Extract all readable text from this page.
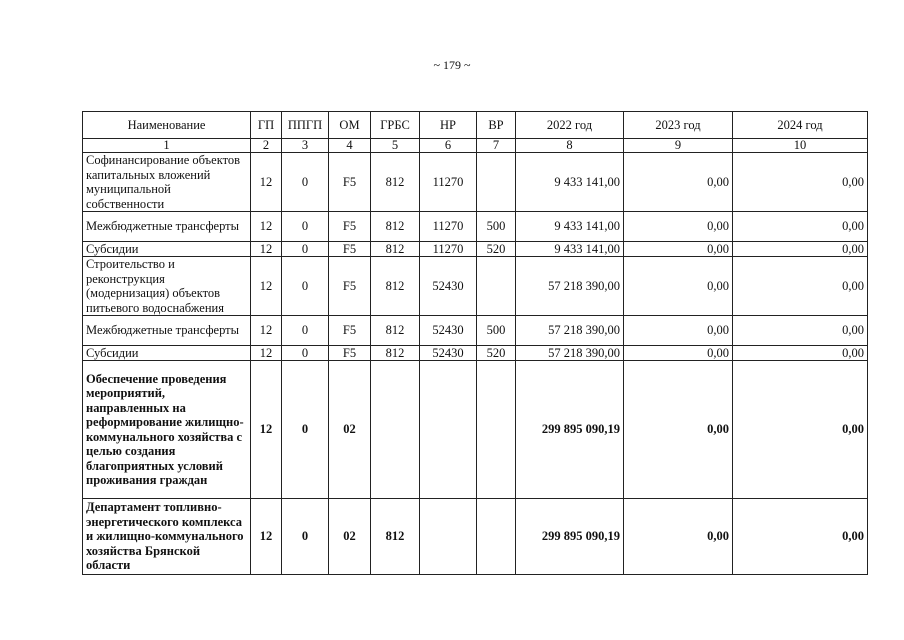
~ 179 ~
Наименование	ГП	ППГП	ОМ	ГРБС	НР	ВР	2022 год	2023 год	2024 год
1	2	3	4	5	6	7	8	9	10
Софинансирование объектов капитальных вложений муниципальной собственности	12	0	F5	812	11270		9 433 141,00	0,00	0,00
Межбюджетные трансферты	12	0	F5	812	11270	500	9 433 141,00	0,00	0,00
Субсидии	12	0	F5	812	11270	520	9 433 141,00	0,00	0,00
Строительство и реконструкция (модернизация) объектов питьевого водоснабжения	12	0	F5	812	52430		57 218 390,00	0,00	0,00
Межбюджетные трансферты	12	0	F5	812	52430	500	57 218 390,00	0,00	0,00
Субсидии	12	0	F5	812	52430	520	57 218 390,00	0,00	0,00
Обеспечение проведения мероприятий, направленных на реформирование жилищно-коммунального хозяйства с целью создания благоприятных условий проживания граждан	12	0	02				299 895 090,19	0,00	0,00
Департамент топливно-энергетического комплекса и жилищно-коммунального хозяйства Брянской области	12	0	02	812			299 895 090,19	0,00	0,00
